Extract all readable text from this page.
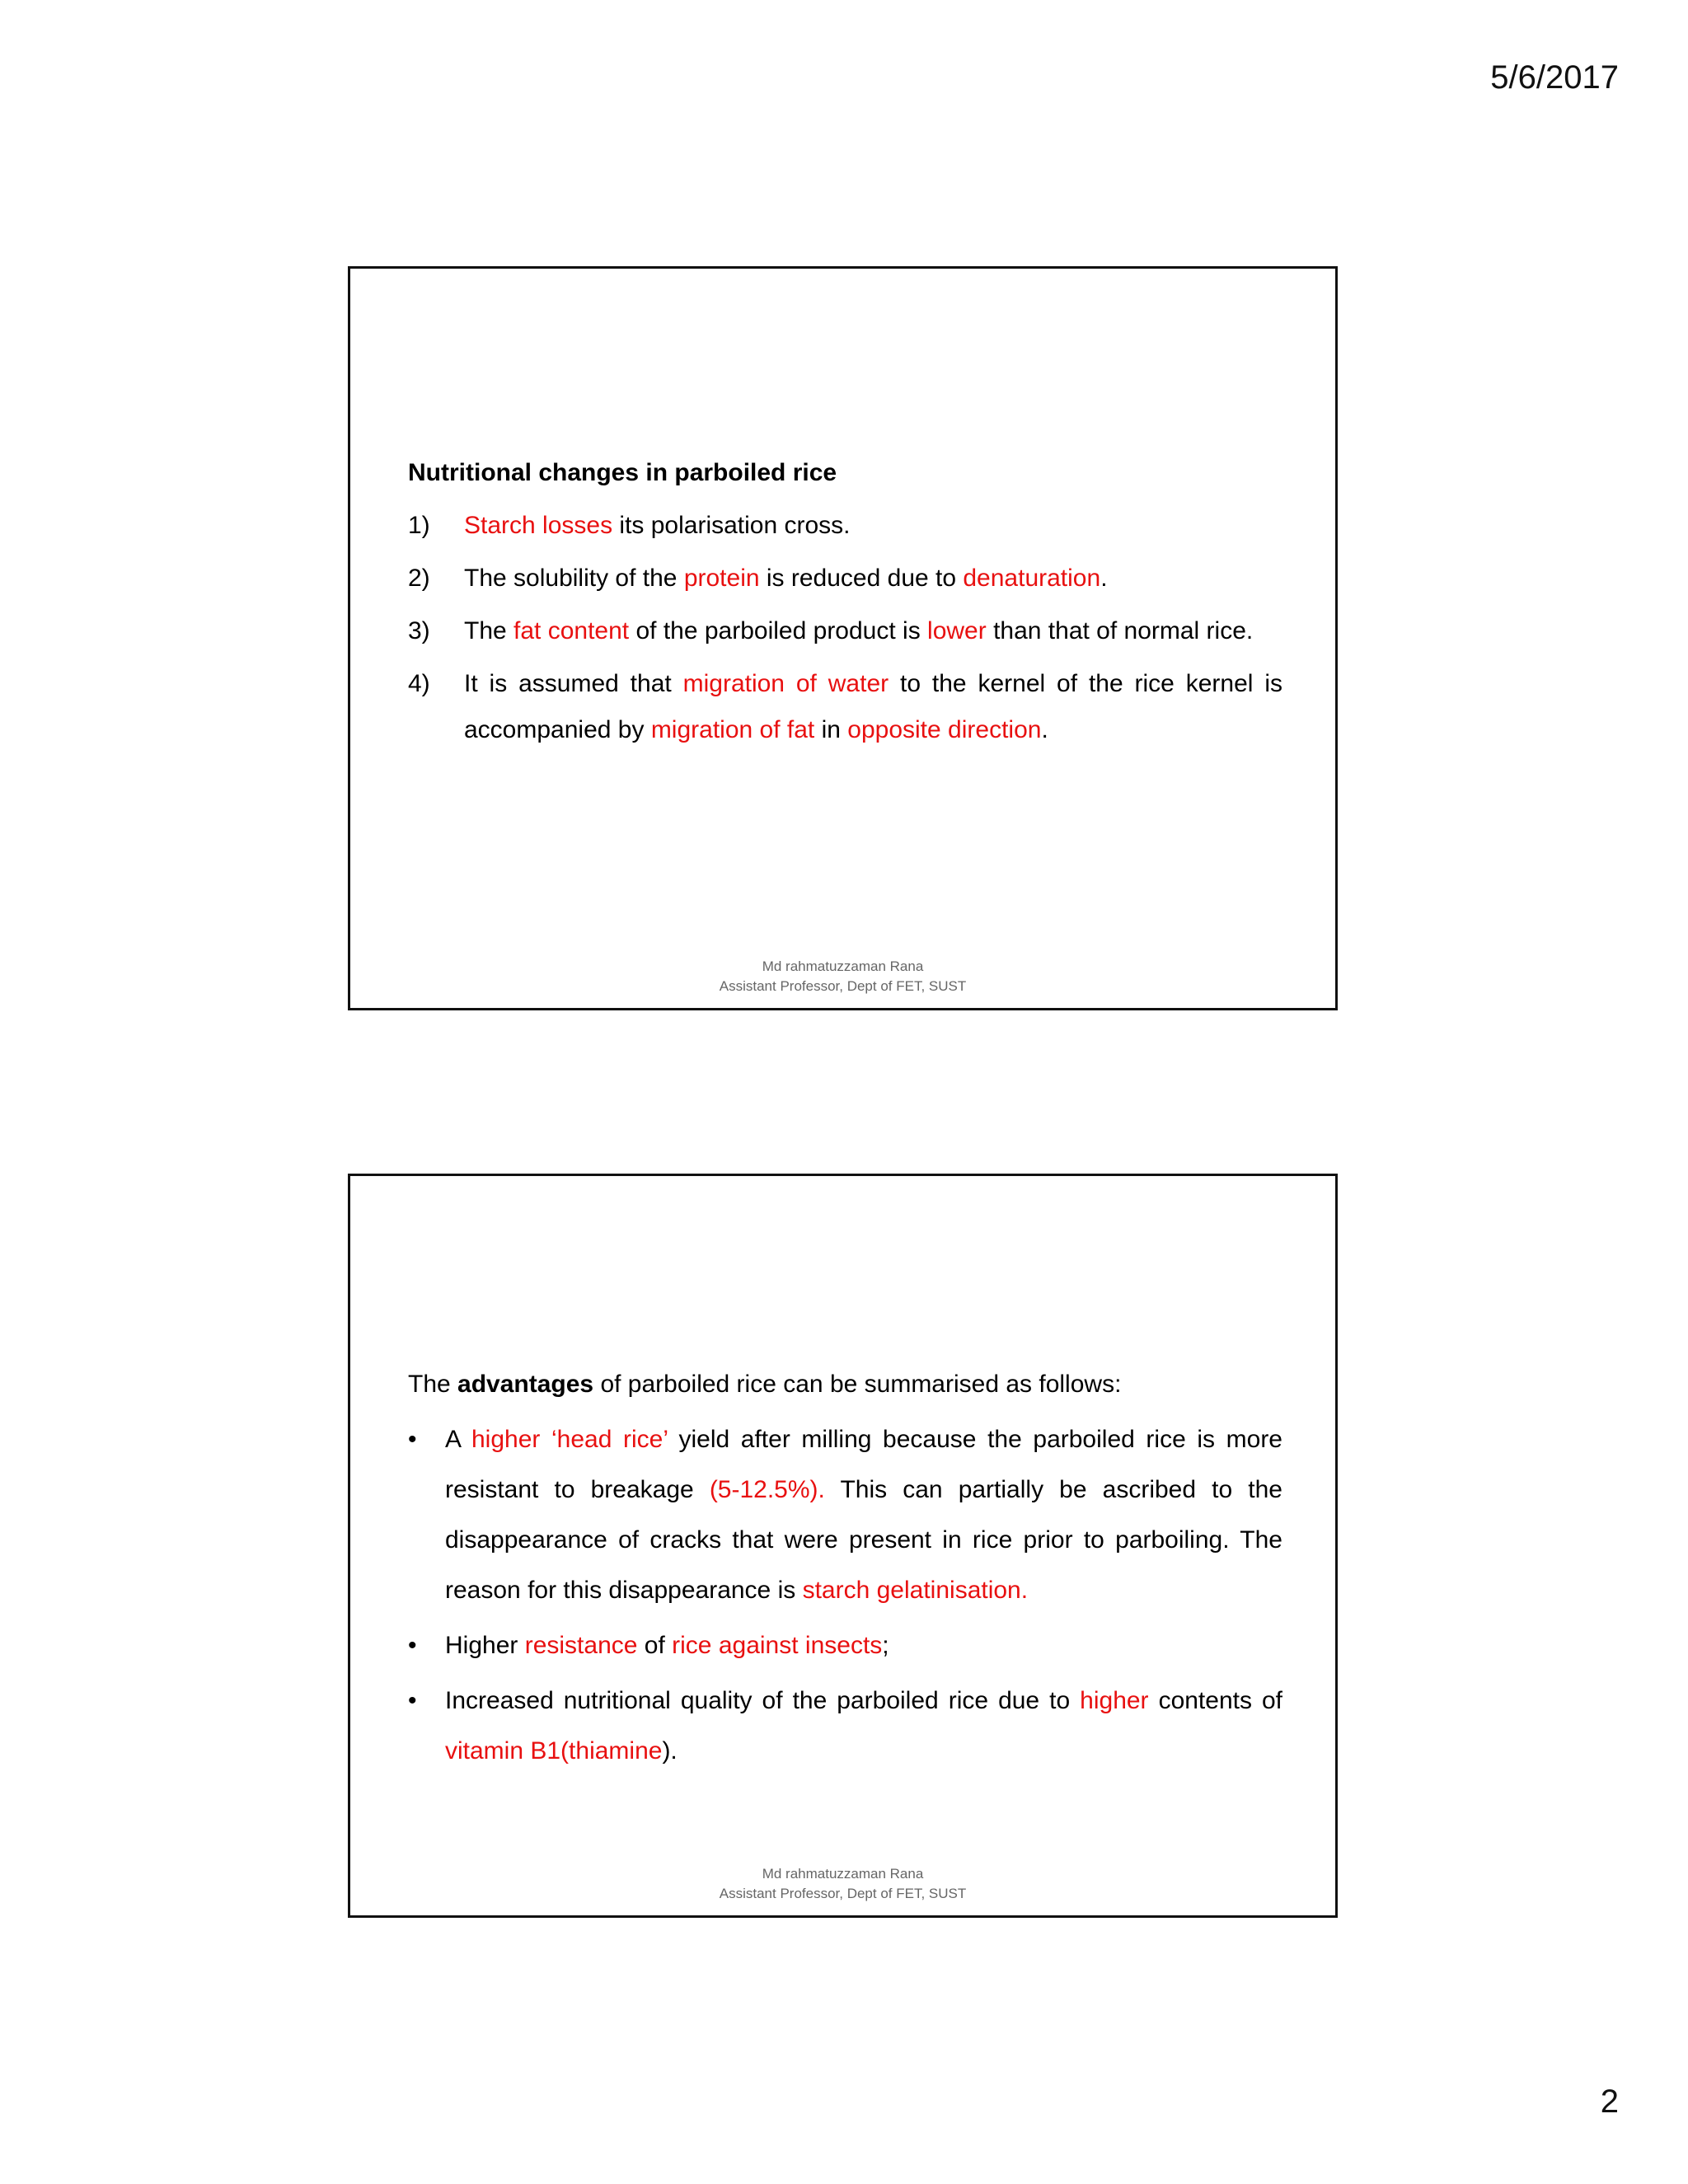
5/6/2017
Nutritional changes in parboiled rice
1) Starch losses its polarisation cross.
2) The solubility of the protein is reduced due to denaturation.
3) The fat content of the parboiled product is lower than that of normal rice.
4) It is assumed that migration of water to the kernel of the rice kernel is accompanied by migration of fat in opposite direction.
Md rahmatuzzaman Rana
Assistant Professor, Dept of FET, SUST
The advantages of parboiled rice can be summarised as follows:
• A higher ‘head rice’ yield after milling because the parboiled rice is more resistant to breakage (5-12.5%). This can partially be ascribed to the disappearance of cracks that were present in rice prior to parboiling. The reason for this disappearance is starch gelatinisation.
• Higher resistance of rice against insects;
• Increased nutritional quality of the parboiled rice due to higher contents of vitamin B1(thiamine).
Md rahmatuzzaman Rana
Assistant Professor, Dept of FET, SUST
2
